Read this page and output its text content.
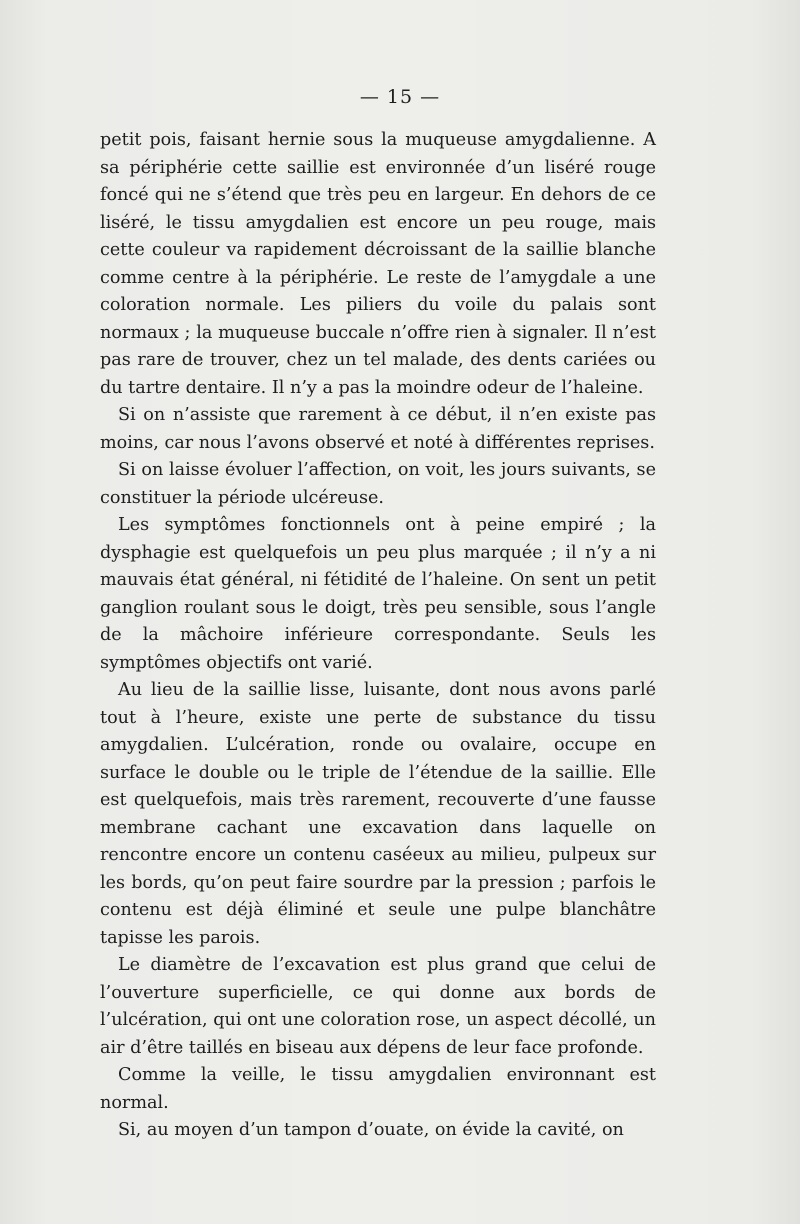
— 15 —

petit pois, faisant hernie sous la muqueuse amygdalienne. A sa périphérie cette saillie est environnée d’un liséré rouge foncé qui ne s’étend que très peu en largeur. En dehors de ce liséré, le tissu amygdalien est encore un peu rouge, mais cette couleur va rapidement décroissant de la saillie blanche comme centre à la périphérie. Le reste de l’amygdale a une coloration normale. Les piliers du voile du palais sont normaux ; la muqueuse buccale n’offre rien à signaler. Il n’est pas rare de trouver, chez un tel malade, des dents cariées ou du tartre dentaire. Il n’y a pas la moindre odeur de l’haleine.

Si on n’assiste que rarement à ce début, il n’en existe pas moins, car nous l’avons observé et noté à différentes reprises.

Si on laisse évoluer l’affection, on voit, les jours suivants, se constituer la période ulcéreuse.

Les symptômes fonctionnels ont à peine empiré ; la dysphagie est quelquefois un peu plus marquée ; il n’y a ni mauvais état général, ni fétidité de l’haleine. On sent un petit ganglion roulant sous le doigt, très peu sensible, sous l’angle de la mâchoire inférieure correspondante. Seuls les symptômes objectifs ont varié.

Au lieu de la saillie lisse, luisante, dont nous avons parlé tout à l’heure, existe une perte de substance du tissu amygdalien. L’ulcération, ronde ou ovalaire, occupe en surface le double ou le triple de l’étendue de la saillie. Elle est quelquefois, mais très rarement, recouverte d’une fausse membrane cachant une excavation dans laquelle on rencontre encore un contenu caséeux au milieu, pulpeux sur les bords, qu’on peut faire sourdre par la pression ; parfois le contenu est déjà éliminé et seule une pulpe blanchâtre tapisse les parois.

Le diamètre de l’excavation est plus grand que celui de l’ouverture superficielle, ce qui donne aux bords de l’ulcération, qui ont une coloration rose, un aspect décollé, un air d’être taillés en biseau aux dépens de leur face profonde.

Comme la veille, le tissu amygdalien environnant est normal.

Si, au moyen d’un tampon d’ouate, on évide la cavité, on
